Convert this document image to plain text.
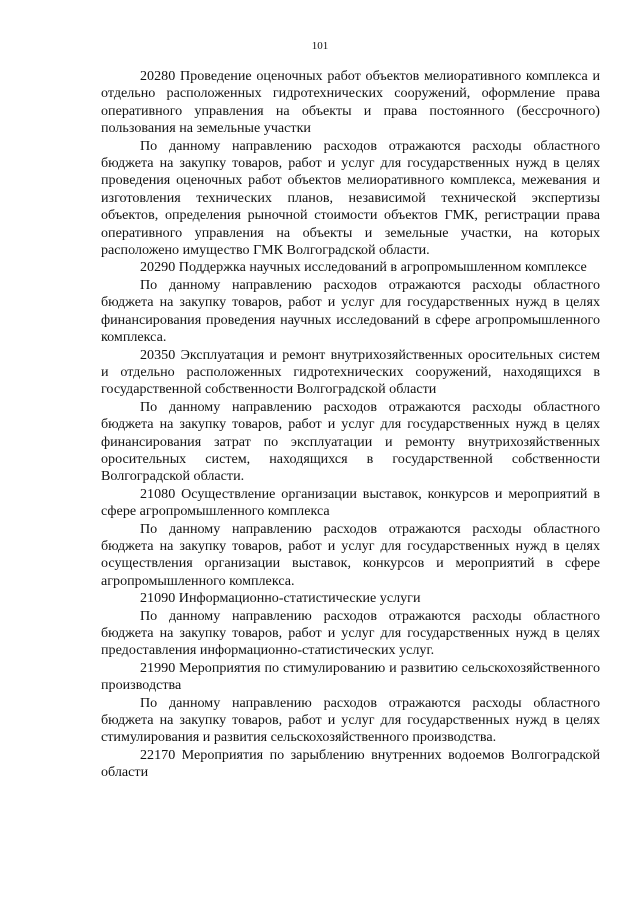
101

20280 Проведение оценочных работ объектов мелиоративного комплекса и отдельно расположенных гидротехнических сооружений, оформление права оперативного управления на объекты и права постоянного (бессрочного) пользования на земельные участки

По данному направлению расходов отражаются расходы областного бюджета на закупку товаров, работ и услуг для государственных нужд в целях проведения оценочных работ объектов мелиоративного комплекса, межевания и изготовления технических планов, независимой технической экспертизы объектов, определения рыночной стоимости объектов ГМК, регистрации права оперативного управления на объекты и земельные участки, на которых расположено имущество ГМК Волгоградской области.

20290 Поддержка научных исследований в агропромышленном комплексе

По данному направлению расходов отражаются расходы областного бюджета на закупку товаров, работ и услуг для государственных нужд в целях финансирования проведения научных исследований в сфере агропромышленного комплекса.

20350 Эксплуатация и ремонт внутрихозяйственных оросительных систем и отдельно расположенных гидротехнических сооружений, находящихся в государственной собственности Волгоградской области

По данному направлению расходов отражаются расходы областного бюджета на закупку товаров, работ и услуг для государственных нужд в целях финансирования затрат по эксплуатации и ремонту внутрихозяйственных оросительных систем, находящихся в государственной собственности Волгоградской области.

21080 Осуществление организации выставок, конкурсов и мероприятий в сфере агропромышленного комплекса

По данному направлению расходов отражаются расходы областного бюджета на закупку товаров, работ и услуг для государственных нужд в целях осуществления организации выставок, конкурсов и мероприятий в сфере агропромышленного комплекса.

21090 Информационно-статистические услуги

По данному направлению расходов отражаются расходы областного бюджета на закупку товаров, работ и услуг для государственных нужд в целях предоставления информационно-статистических услуг.

21990 Мероприятия по стимулированию и развитию сельскохозяйственного производства

По данному направлению расходов отражаются расходы областного бюджета на закупку товаров, работ и услуг для государственных нужд в целях стимулирования и развития сельскохозяйственного производства.

22170 Мероприятия по зарыблению внутренних водоемов Волгоградской области
